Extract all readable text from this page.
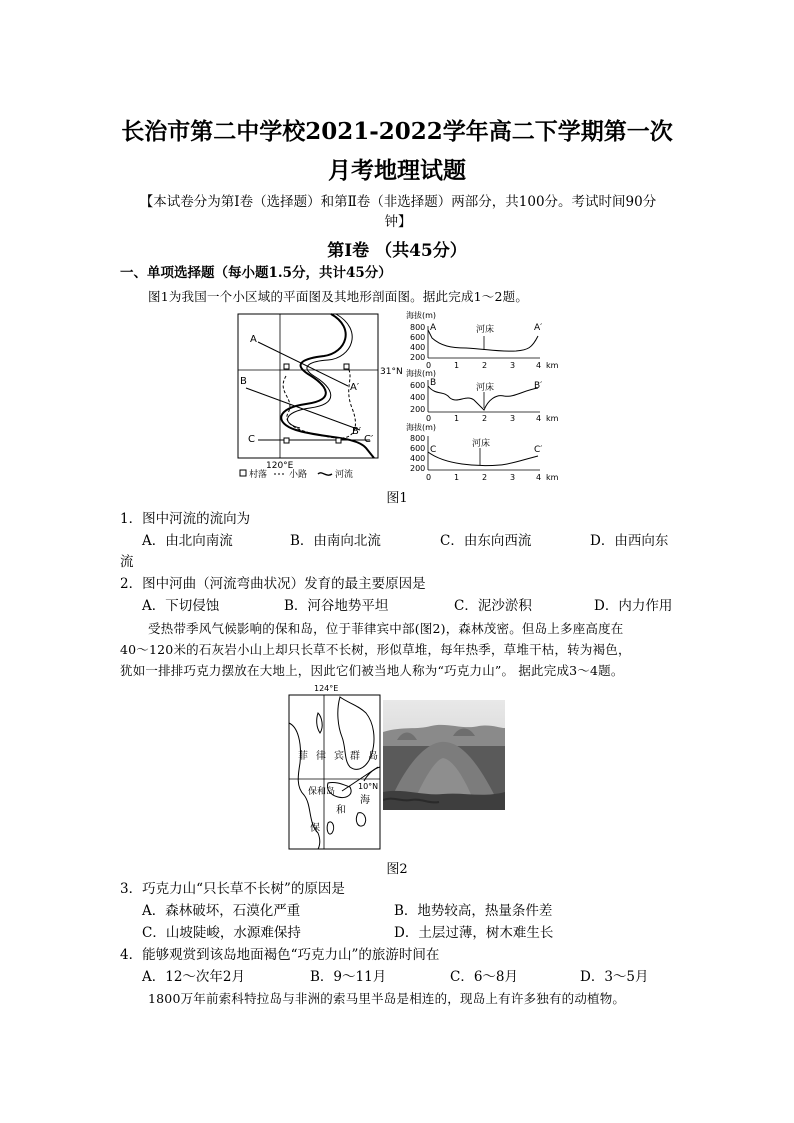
长治市第二中学校2021-2022学年高二下学期第一次
月考地理试题
【本试卷分为第Ⅰ卷（选择题）和第Ⅱ卷（非选择题）两部分，共100分。考试时间90分
钟】
第Ⅰ卷 （共45分）
一、单项选择题（每小题1.5分，共计45分）
图1为我国一个小区域的平面图及其地形剖面图。据此完成1～2题。
A
A′
B
B′
C	C′
31°N
120°E
村落 小路	河流
海拔(m)
800
600
400
200
河床
A	A′
0	1	2	3	4 km
海拔(m)
600
400
200
河床
B	B′
0	1	2	3	4 km
海拔(m)
800
600
400
200
河床
C	C′
0	1	2	3	4 km
图1
1．图中河流的流向为
A．由北向南流	B．由南向北流	C．由东向西流	D．由西向东
流
2．图中河曲（河流弯曲状况）发育的最主要原因是
A．下切侵蚀	B．河谷地势平坦	C．泥沙淤积	D．内力作用
受热带季风气候影响的保和岛，位于菲律宾中部(图2)，森林茂密。但岛上多座高度在
40～120米的石灰岩小山上却只长草不长树，形似草堆，每年热季，草堆干枯，转为褐色，
犹如一排排巧克力摆放在大地上，因此它们被当地人称为“巧克力山”。 据此完成3～4题。
124°E
菲 律 宾 群 岛
10°N
保和岛
海
和
保
图2
3．巧克力山“只长草不长树”的原因是
A．森林破坏，石漠化严重	B．地势较高，热量条件差
C．山坡陡峻，水源难保持	D．土层过薄，树木难生长
4．能够观赏到该岛地面褐色“巧克力山”的旅游时间在
A．12～次年2月	B．9～11月	C．6～8月	D．3～5月
1800万年前索科特拉岛与非洲的索马里半岛是相连的，现岛上有许多独有的动植物。
